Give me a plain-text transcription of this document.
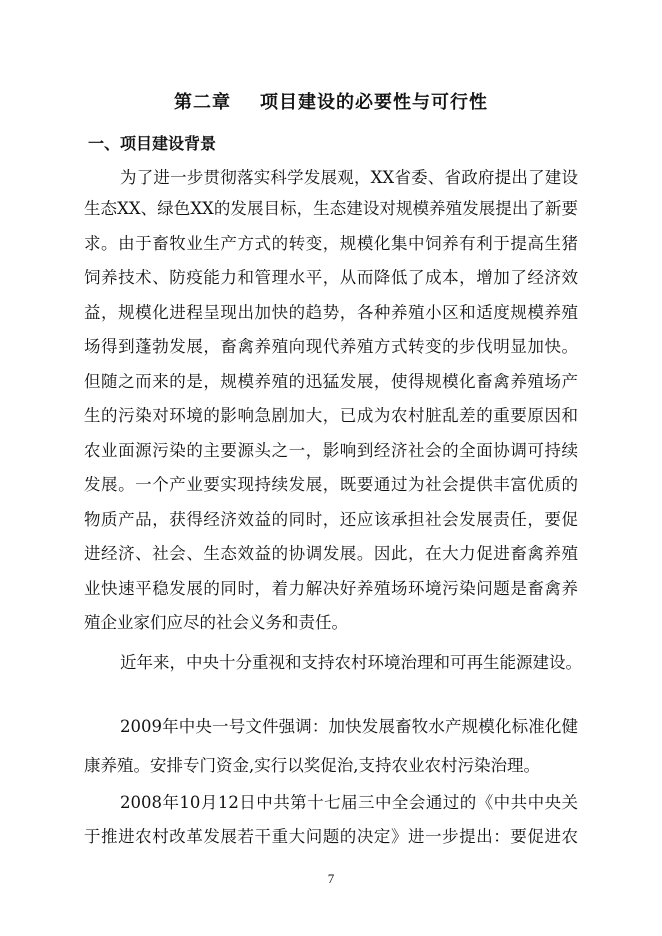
第二章    项目建设的必要性与可行性
一、项目建设背景
为了进一步贯彻落实科学发展观，XX省委、省政府提出了建设
生态XX、绿色XX的发展目标，生态建设对规模养殖发展提出了新要
求。由于畜牧业生产方式的转变，规模化集中饲养有利于提高生猪
饲养技术、防疫能力和管理水平，从而降低了成本，增加了经济效
益，规模化进程呈现出加快的趋势，各种养殖小区和适度规模养殖
场得到蓬勃发展，畜禽养殖向现代养殖方式转变的步伐明显加快。
但随之而来的是，规模养殖的迅猛发展，使得规模化畜禽养殖场产
生的污染对环境的影响急剧加大，已成为农村脏乱差的重要原因和
农业面源污染的主要源头之一，影响到经济社会的全面协调可持续
发展。一个产业要实现持续发展，既要通过为社会提供丰富优质的
物质产品，获得经济效益的同时，还应该承担社会发展责任，要促
进经济、社会、生态效益的协调发展。因此，在大力促进畜禽养殖
业快速平稳发展的同时，着力解决好养殖场环境污染问题是畜禽养
殖企业家们应尽的社会义务和责任。
近年来，中央十分重视和支持农村环境治理和可再生能源建设。
2009年中央一号文件强调：加快发展畜牧水产规模化标准化健
康养殖。安排专门资金,实行以奖促治,支持农业农村污染治理。
2008年10月12日中共第十七届三中全会通过的《中共中央关
于推进农村改革发展若干重大问题的决定》进一步提出：要促进农
7
